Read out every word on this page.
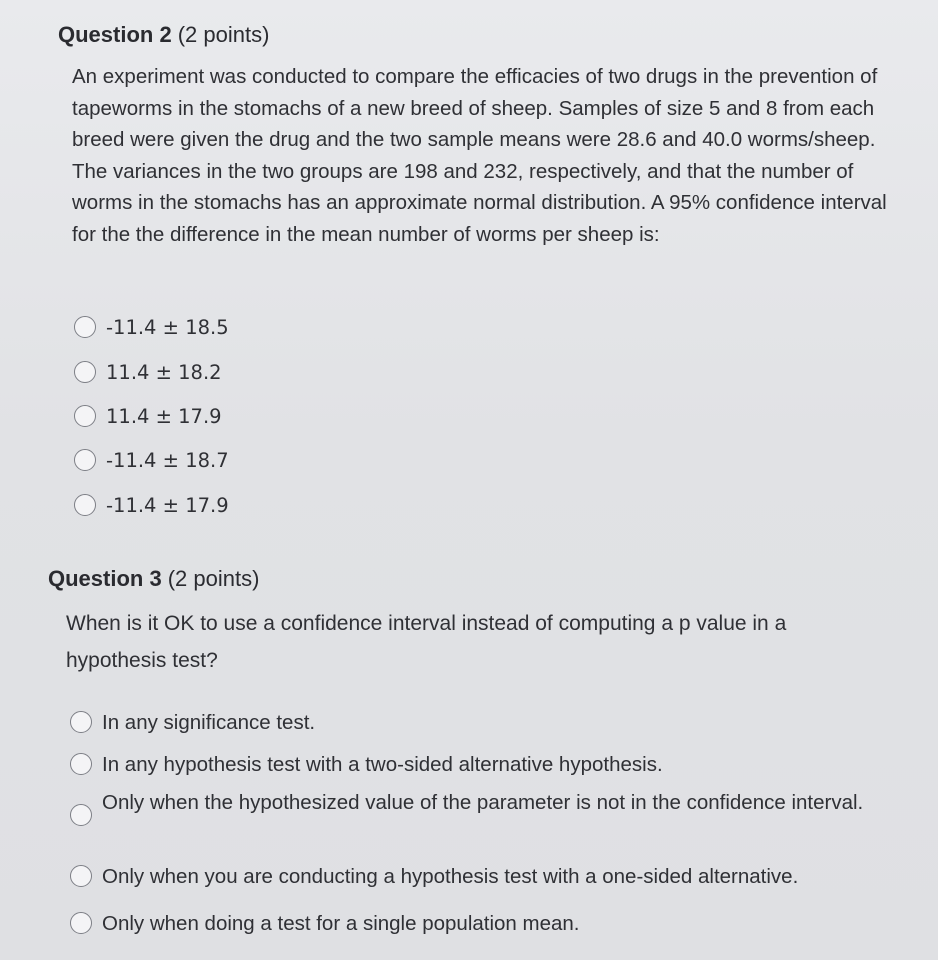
Question 2 (2 points)
An experiment was conducted to compare the efficacies of two drugs in the prevention of tapeworms in the stomachs of a new breed of sheep. Samples of size 5 and 8 from each breed were given the drug and the two sample means were 28.6 and 40.0 worms/sheep. The variances in the two groups are 198 and 232, respectively, and that the number of worms in the stomachs has an approximate normal distribution. A 95% confidence interval for the the difference in the mean number of worms per sheep is:
-11.4 ± 18.5
11.4 ± 18.2
11.4 ± 17.9
-11.4 ± 18.7
-11.4 ± 17.9
Question 3 (2 points)
When is it OK to use a confidence interval instead of computing a p value in a hypothesis test?
In any significance test.
In any hypothesis test with a two-sided alternative hypothesis.
Only when the hypothesized value of the parameter is not in the confidence interval.
Only when you are conducting a hypothesis test with a one-sided alternative.
Only when doing a test for a single population mean.
